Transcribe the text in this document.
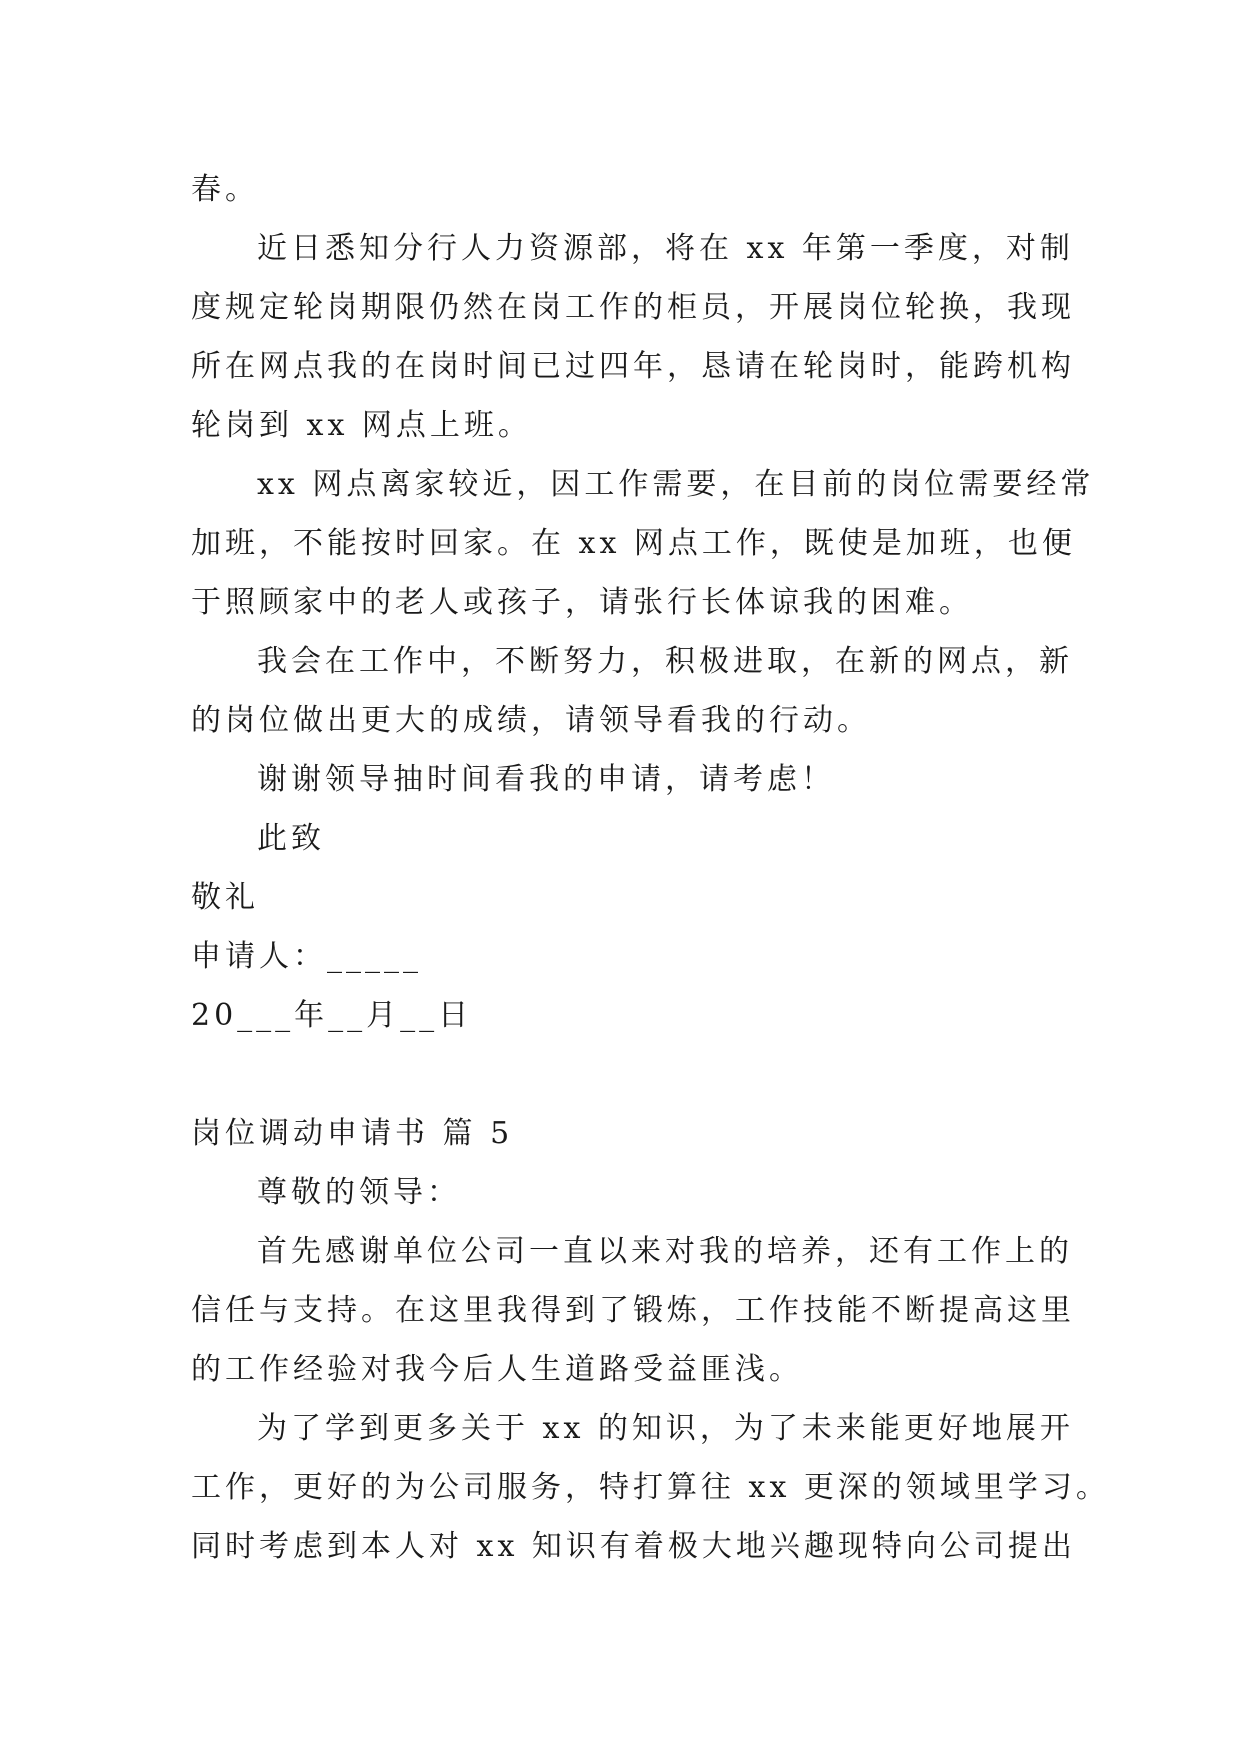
春。
近日悉知分行人力资源部，将在 xx 年第一季度，对制
度规定轮岗期限仍然在岗工作的柜员，开展岗位轮换，我现
所在网点我的在岗时间已过四年，恳请在轮岗时，能跨机构
轮岗到 xx 网点上班。
xx 网点离家较近，因工作需要，在目前的岗位需要经常
加班，不能按时回家。在 xx 网点工作，既使是加班，也便
于照顾家中的老人或孩子，请张行长体谅我的困难。
我会在工作中，不断努力，积极进取，在新的网点，新
的岗位做出更大的成绩，请领导看我的行动。
谢谢领导抽时间看我的申请，请考虑！
此致
敬礼
申请人：_____
20___年__月__日
岗位调动申请书 篇 5
尊敬的领导：
首先感谢单位公司一直以来对我的培养，还有工作上的
信任与支持。在这里我得到了锻炼，工作技能不断提高这里
的工作经验对我今后人生道路受益匪浅。
为了学到更多关于 xx 的知识，为了未来能更好地展开
工作，更好的为公司服务，特打算往 xx 更深的领域里学习。
同时考虑到本人对 xx 知识有着极大地兴趣现特向公司提出
